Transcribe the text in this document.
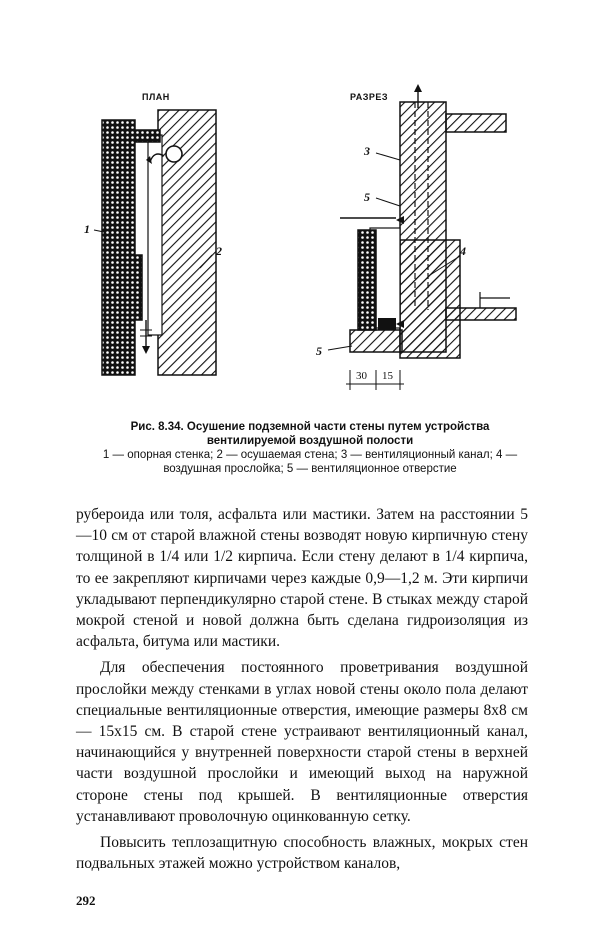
ПЛАН	РАЗРЕЗ
1
2
3
5
4
5
30 15
Рис. 8.34. Осушение подземной части стены путем устройства
вентилируемой воздушной полости
1 — опорная стенка; 2 — осушаемая стена; 3 — вентиляционный канал; 4 —
воздушная прослойка; 5 — вентиляционное отверстие

рубероида или толя, асфальта или мастики. Затем на расстоянии 5—10 см от старой влажной стены возводят новую кирпичную стену толщиной в 1/4 или 1/2 кирпича. Если стену делают в 1/4 кирпича, то ее закрепляют кирпичами через каждые 0,9—1,2 м. Эти кирпичи укладывают перпендикулярно старой стене. В стыках между старой мокрой стеной и новой должна быть сделана гидроизоляция из асфальта, битума или мастики.

Для обеспечения постоянного проветривания воздушной прослойки между стенками в углах новой стены около пола делают специальные вентиляционные отверстия, имеющие размеры 8х8 см — 15х15 см. В старой стене устраивают вентиляционный канал, начинающийся у внутренней поверхности старой стены в верхней части воздушной прослойки и имеющий выход на наружной стороне стены под крышей. В вентиляционные отверстия устанавливают проволочную оцинкованную сетку.

Повысить теплозащитную способность влажных, мокрых стен подвальных этажей можно устройством каналов,

292
